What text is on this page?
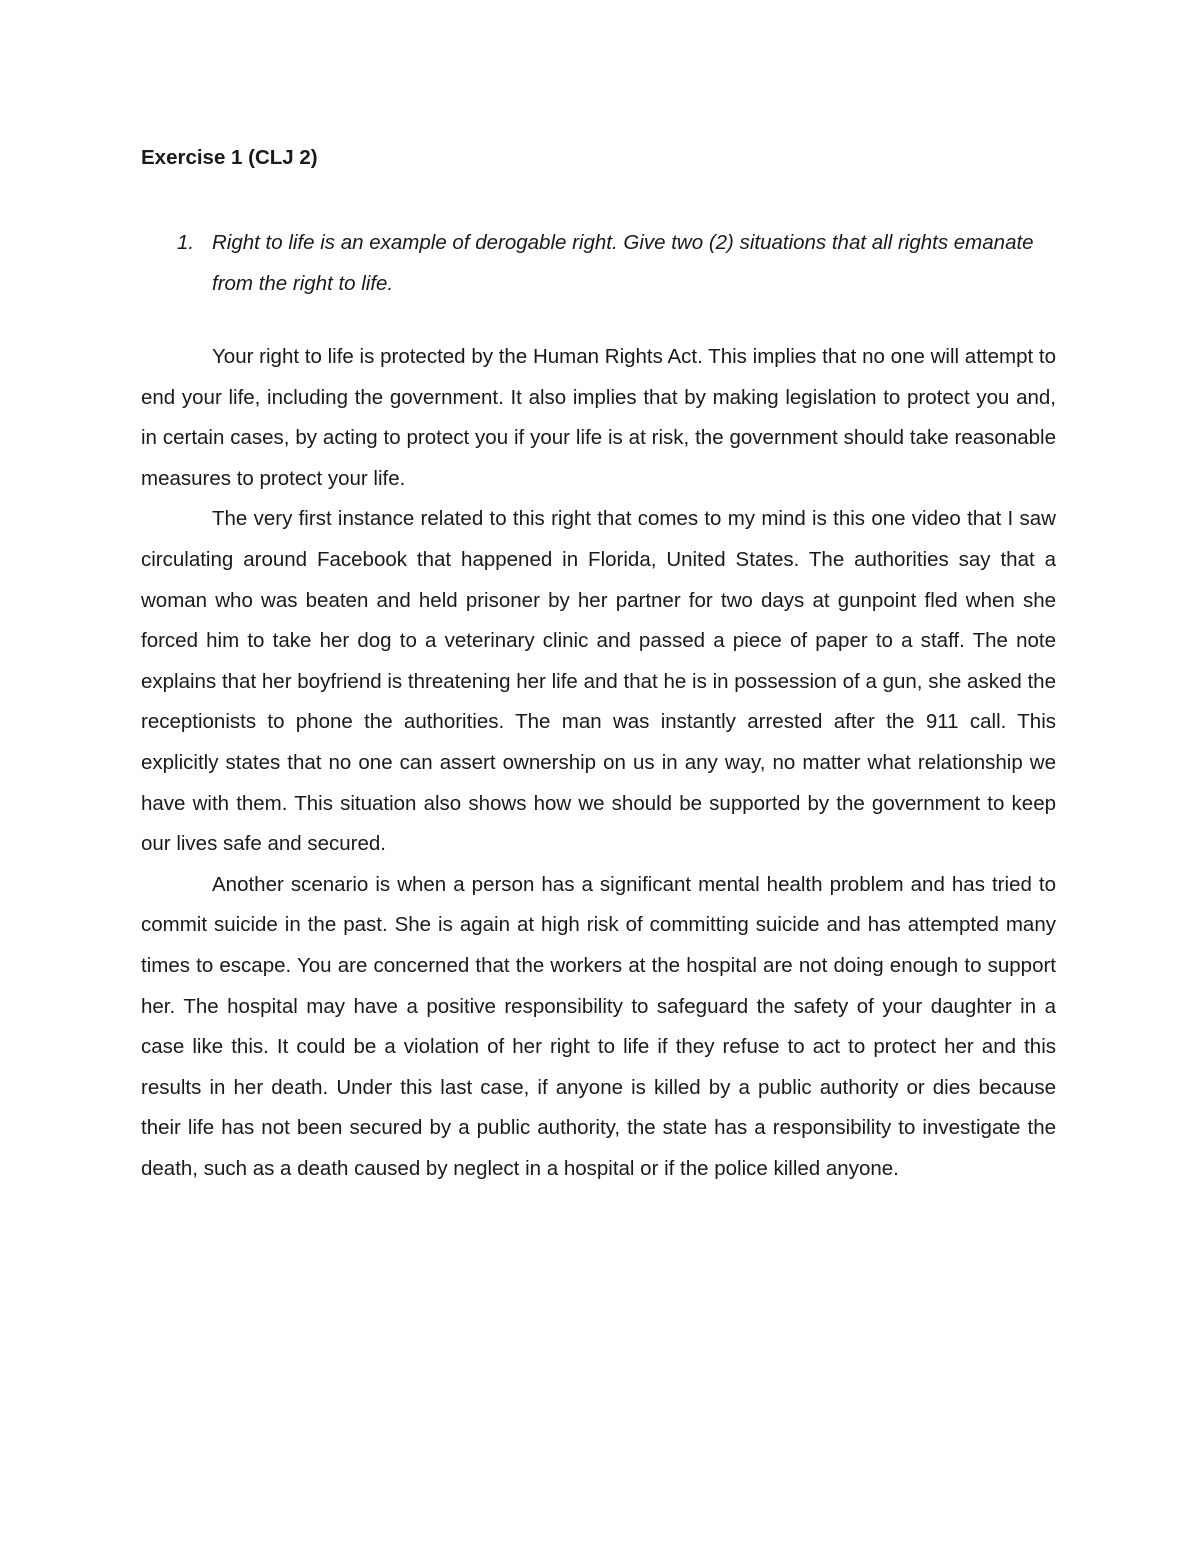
Exercise 1 (CLJ 2)
1. Right to life is an example of derogable right. Give two (2) situations that all rights emanate from the right to life.

Your right to life is protected by the Human Rights Act. This implies that no one will attempt to end your life, including the government. It also implies that by making legislation to protect you and, in certain cases, by acting to protect you if your life is at risk, the government should take reasonable measures to protect your life.

The very first instance related to this right that comes to my mind is this one video that I saw circulating around Facebook that happened in Florida, United States. The authorities say that a woman who was beaten and held prisoner by her partner for two days at gunpoint fled when she forced him to take her dog to a veterinary clinic and passed a piece of paper to a staff. The note explains that her boyfriend is threatening her life and that he is in possession of a gun, she asked the receptionists to phone the authorities. The man was instantly arrested after the 911 call. This explicitly states that no one can assert ownership on us in any way, no matter what relationship we have with them. This situation also shows how we should be supported by the government to keep our lives safe and secured.

Another scenario is when a person has a significant mental health problem and has tried to commit suicide in the past. She is again at high risk of committing suicide and has attempted many times to escape. You are concerned that the workers at the hospital are not doing enough to support her. The hospital may have a positive responsibility to safeguard the safety of your daughter in a case like this. It could be a violation of her right to life if they refuse to act to protect her and this results in her death. Under this last case, if anyone is killed by a public authority or dies because their life has not been secured by a public authority, the state has a responsibility to investigate the death, such as a death caused by neglect in a hospital or if the police killed anyone.
